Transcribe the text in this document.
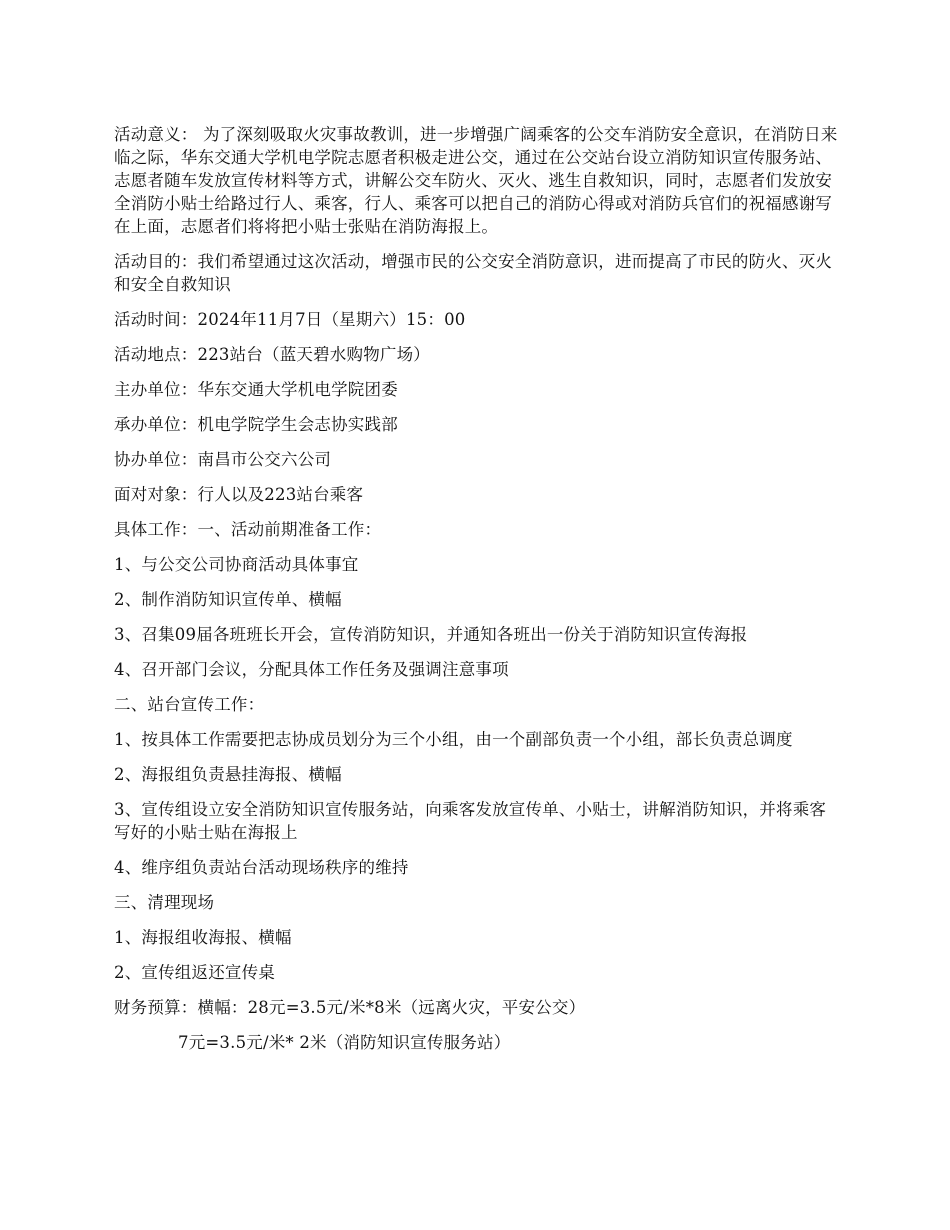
活动意义： 为了深刻吸取火灾事故教训，进一步增强广阔乘客的公交车消防安全意识，在消防日来临之际，华东交通大学机电学院志愿者积极走进公交，通过在公交站台设立消防知识宣传服务站、志愿者随车发放宣传材料等方式，讲解公交车防火、灭火、逃生自救知识，同时，志愿者们发放安全消防小贴士给路过行人、乘客，行人、乘客可以把自己的消防心得或对消防兵官们的祝福感谢写在上面，志愿者们将将把小贴士张贴在消防海报上。

活动目的：我们希望通过这次活动，增强市民的公交安全消防意识，进而提高了市民的防火、灭火和安全自救知识

活动时间：2024年11月7日（星期六）15：00

活动地点：223站台（蓝天碧水购物广场）

主办单位：华东交通大学机电学院团委

承办单位：机电学院学生会志协实践部

协办单位：南昌市公交六公司

面对对象：行人以及223站台乘客

具体工作：一、活动前期准备工作：

1、与公交公司协商活动具体事宜

2、制作消防知识宣传单、横幅

3、召集09届各班班长开会，宣传消防知识，并通知各班出一份关于消防知识宣传海报

4、召开部门会议，分配具体工作任务及强调注意事项

二、站台宣传工作：

1、按具体工作需要把志协成员划分为三个小组，由一个副部负责一个小组，部长负责总调度

2、海报组负责悬挂海报、横幅

3、宣传组设立安全消防知识宣传服务站，向乘客发放宣传单、小贴士，讲解消防知识，并将乘客写好的小贴士贴在海报上

4、维序组负责站台活动现场秩序的维持

三、清理现场

1、海报组收海报、横幅

2、宣传组返还宣传桌

财务预算：横幅：28元=3.5元/米*8米（远离火灾，平安公交）

7元=3.5元/米* 2米（消防知识宣传服务站）
